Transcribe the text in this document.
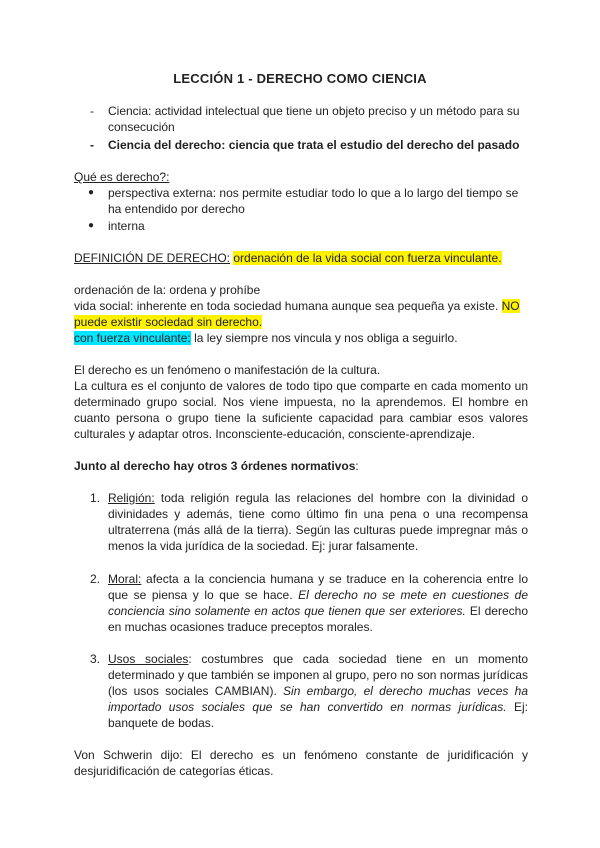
LECCIÓN 1 - DERECHO COMO CIENCIA
- Ciencia: actividad intelectual que tiene un objeto preciso y un método para su consecución
- Ciencia del derecho: ciencia que trata el estudio del derecho del pasado
Qué es derecho?:
● perspectiva externa: nos permite estudiar todo lo que a lo largo del tiempo se ha entendido por derecho
● interna
DEFINICIÓN DE DERECHO: ordenación de la vida social con fuerza vinculante.

ordenación de la: ordena y prohíbe

vida social: inherente en toda sociedad humana aunque sea pequeña ya existe. NO puede existir sociedad sin derecho.

con fuerza vinculante: la ley siempre nos vincula y nos obliga a seguirlo.

El derecho es un fenómeno o manifestación de la cultura.

La cultura es el conjunto de valores de todo tipo que comparte en cada momento un determinado grupo social. Nos viene impuesta, no la aprendemos. El hombre en cuanto persona o grupo tiene la suficiente capacidad para cambiar esos valores culturales y adaptar otros. Inconsciente-educación, consciente-aprendizaje.

Junto al derecho hay otros 3 órdenes normativos:
1. Religión: toda religión regula las relaciones del hombre con la divinidad o divinidades y además, tiene como último fin una pena o una recompensa ultraterrena (más allá de la tierra). Según las culturas puede impregnar más o menos la vida jurídica de la sociedad. Ej: jurar falsamente.
2. Moral: afecta a la conciencia humana y se traduce en la coherencia entre lo que se piensa y lo que se hace. El derecho no se mete en cuestiones de conciencia sino solamente en actos que tienen que ser exteriores. El derecho en muchas ocasiones traduce preceptos morales.
3. Usos sociales: costumbres que cada sociedad tiene en un momento determinado y que también se imponen al grupo, pero no son normas jurídicas (los usos sociales CAMBIAN). Sin embargo, el derecho muchas veces ha importado usos sociales que se han convertido en normas jurídicas. Ej: banquete de bodas.
Von Schwerin dijo: El derecho es un fenómeno constante de juridificación y desjuridificación de categorías éticas.
